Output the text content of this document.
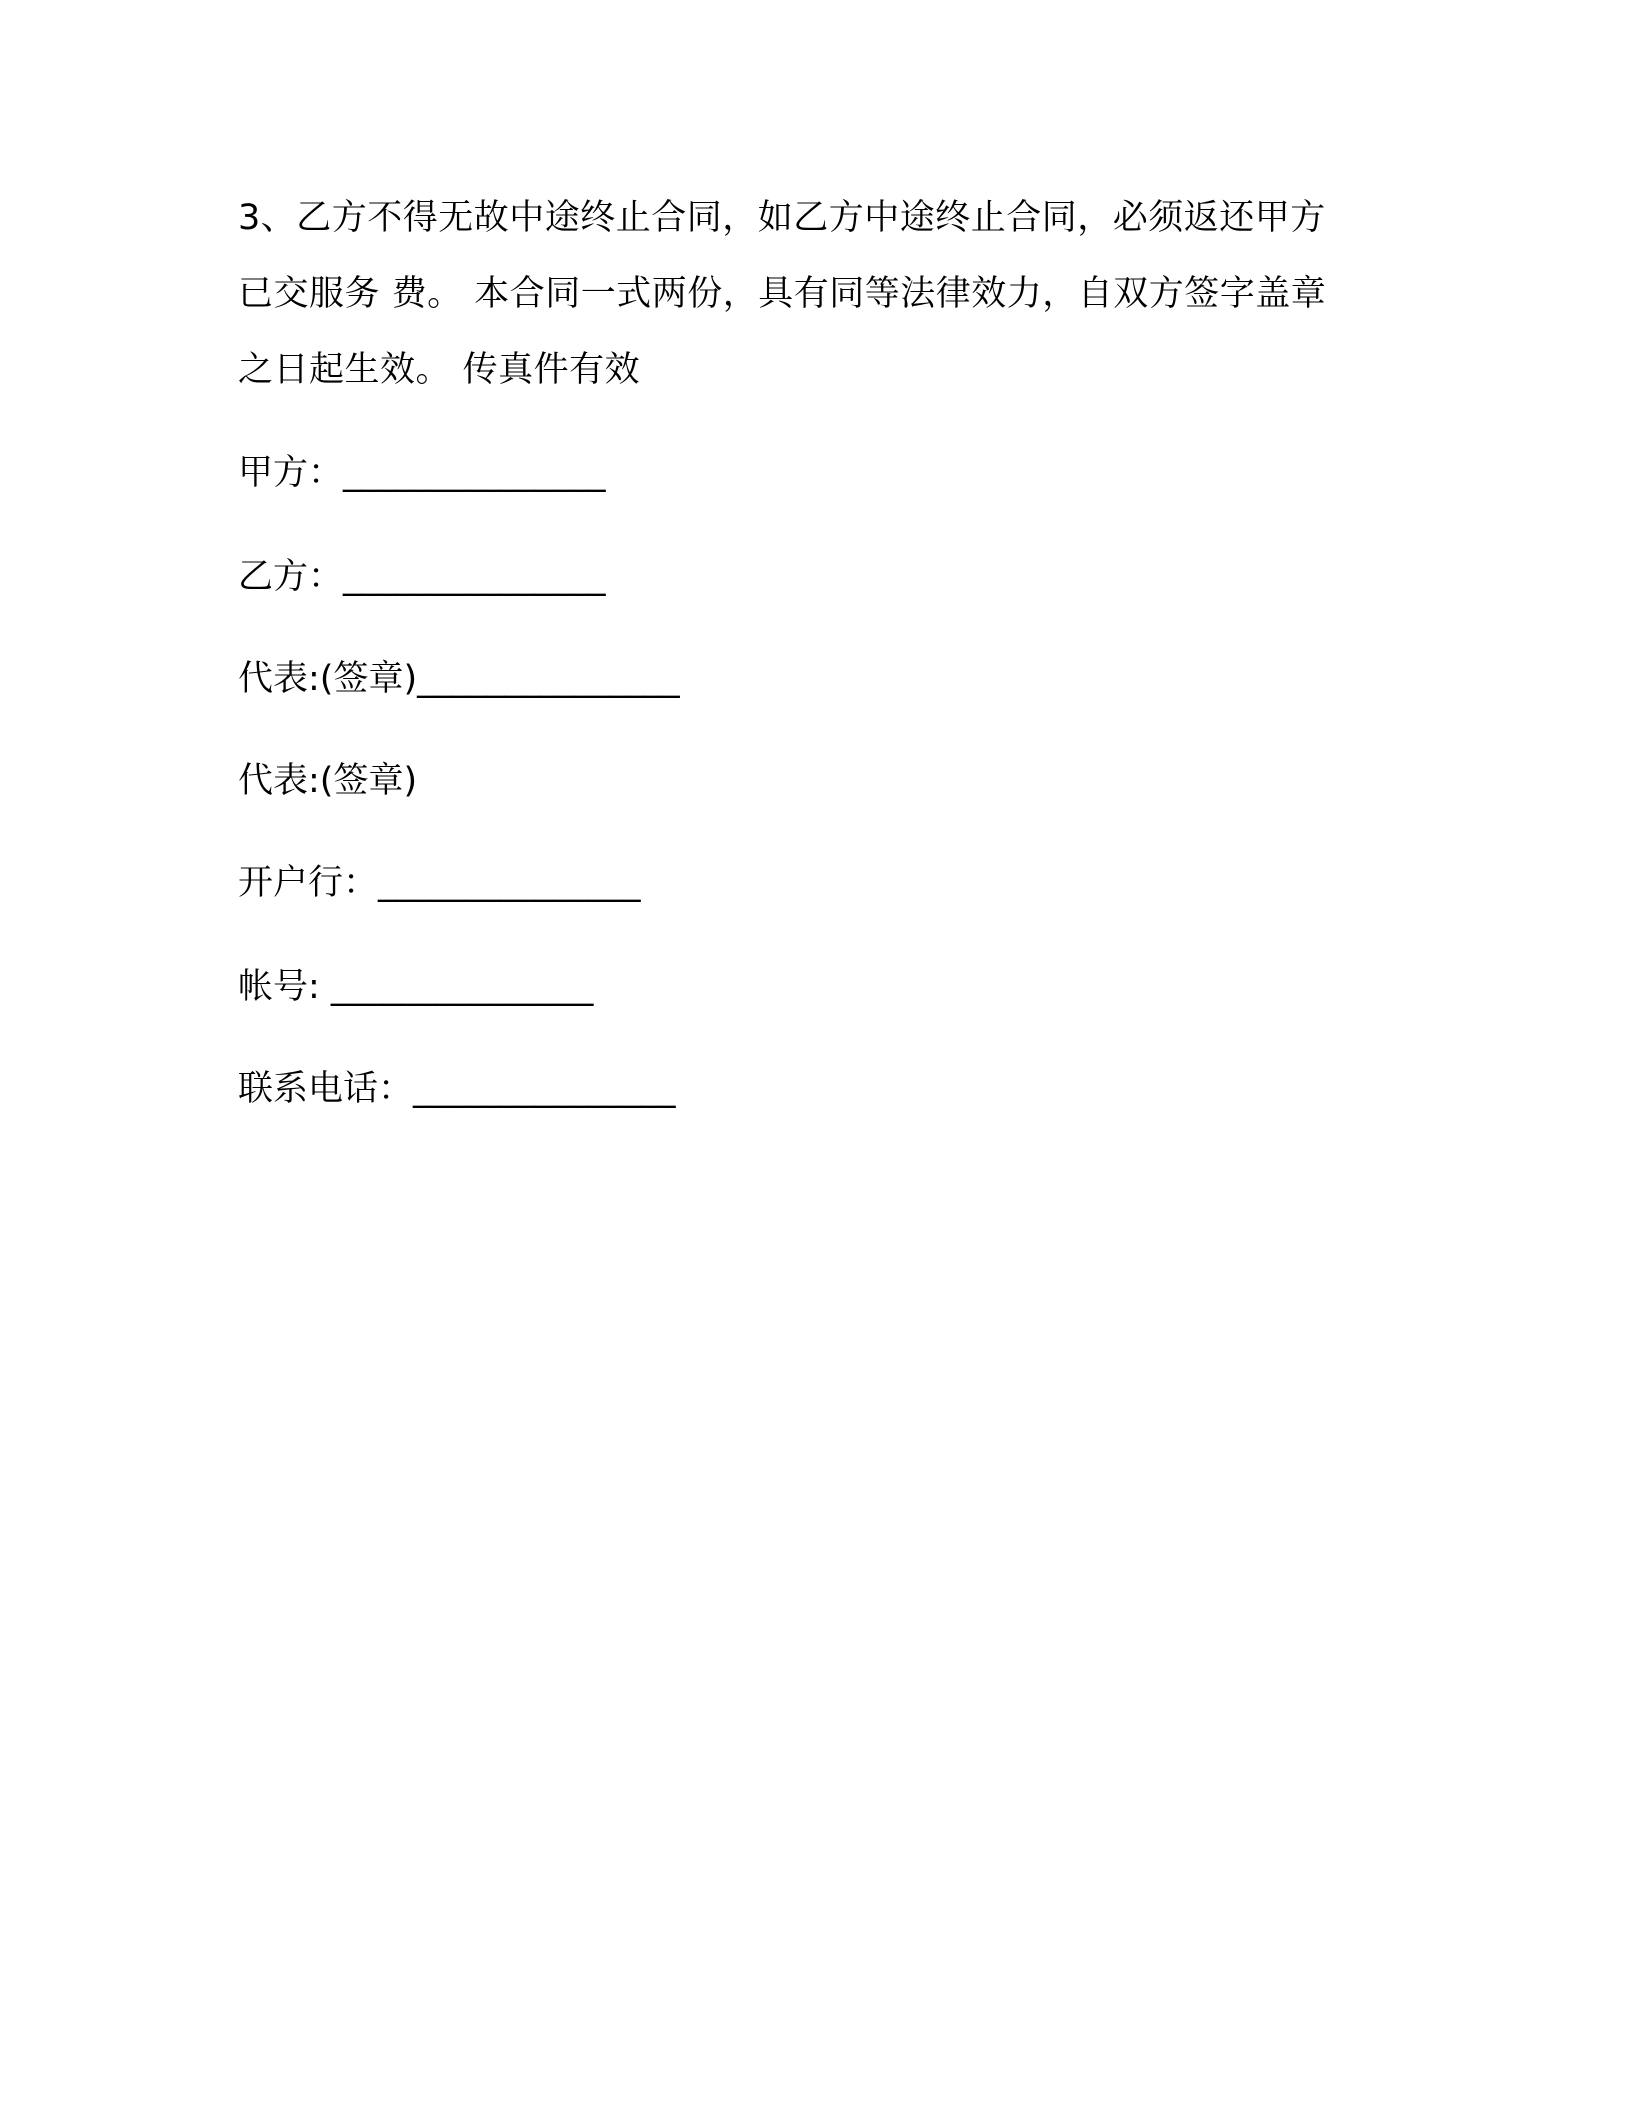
3、乙方不得无故中途终止合同，如乙方中途终止合同，必须返还甲方
已交服务 费。 本合同一式两份，具有同等法律效力，自双方签字盖章
之日起生效。 传真件有效

甲方：_______________

乙方：_______________

代表:(签章)_______________

代表:(签章)

开户行：_______________

帐号: _______________

联系电话：_______________
